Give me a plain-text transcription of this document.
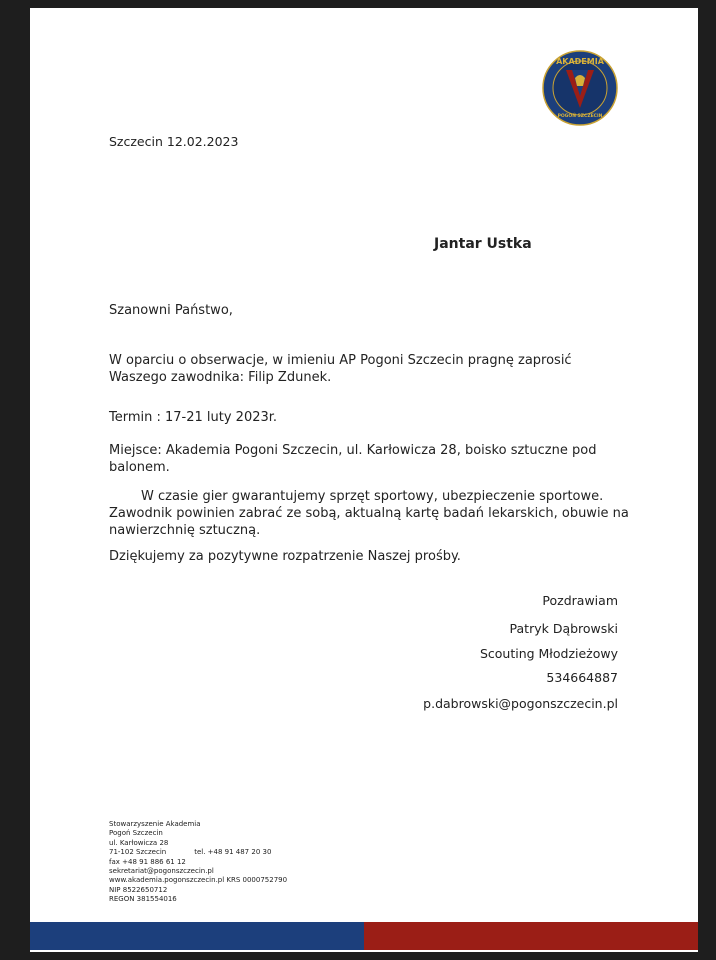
AKADEMIA
POGOŃ SZCZECIN
Szczecin 12.02.2023
Jantar Ustka
Szanowni Państwo,
W oparciu o obserwacje, w imieniu AP Pogoni Szczecin pragnę zaprosić Waszego zawodnika: Filip Zdunek.
Termin : 17-21 luty 2023r.
Miejsce: Akademia Pogoni Szczecin, ul. Karłowicza 28, boisko sztuczne pod balonem.
W czasie gier gwarantujemy sprzęt sportowy, ubezpieczenie sportowe. Zawodnik powinien zabrać ze sobą, aktualną kartę badań lekarskich, obuwie na nawierzchnię sztuczną.
Dziękujemy za pozytywne rozpatrzenie Naszej prośby.
Pozdrawiam
Patryk Dąbrowski
Scouting Młodzieżowy
534664887
p.dabrowski@pogonszczecin.pl
Stowarzyszenie Akademia
Pogoń Szczecin
ul. Karłowicza 28
71-102 Szczecin	tel. +48 91 487 20 30
fax +48 91 886 61 12
sekretariat@pogonszczecin.pl
www.akademia.pogonszczecin.pl KRS 0000752790
NIP 8522650712
REGON 381554016
